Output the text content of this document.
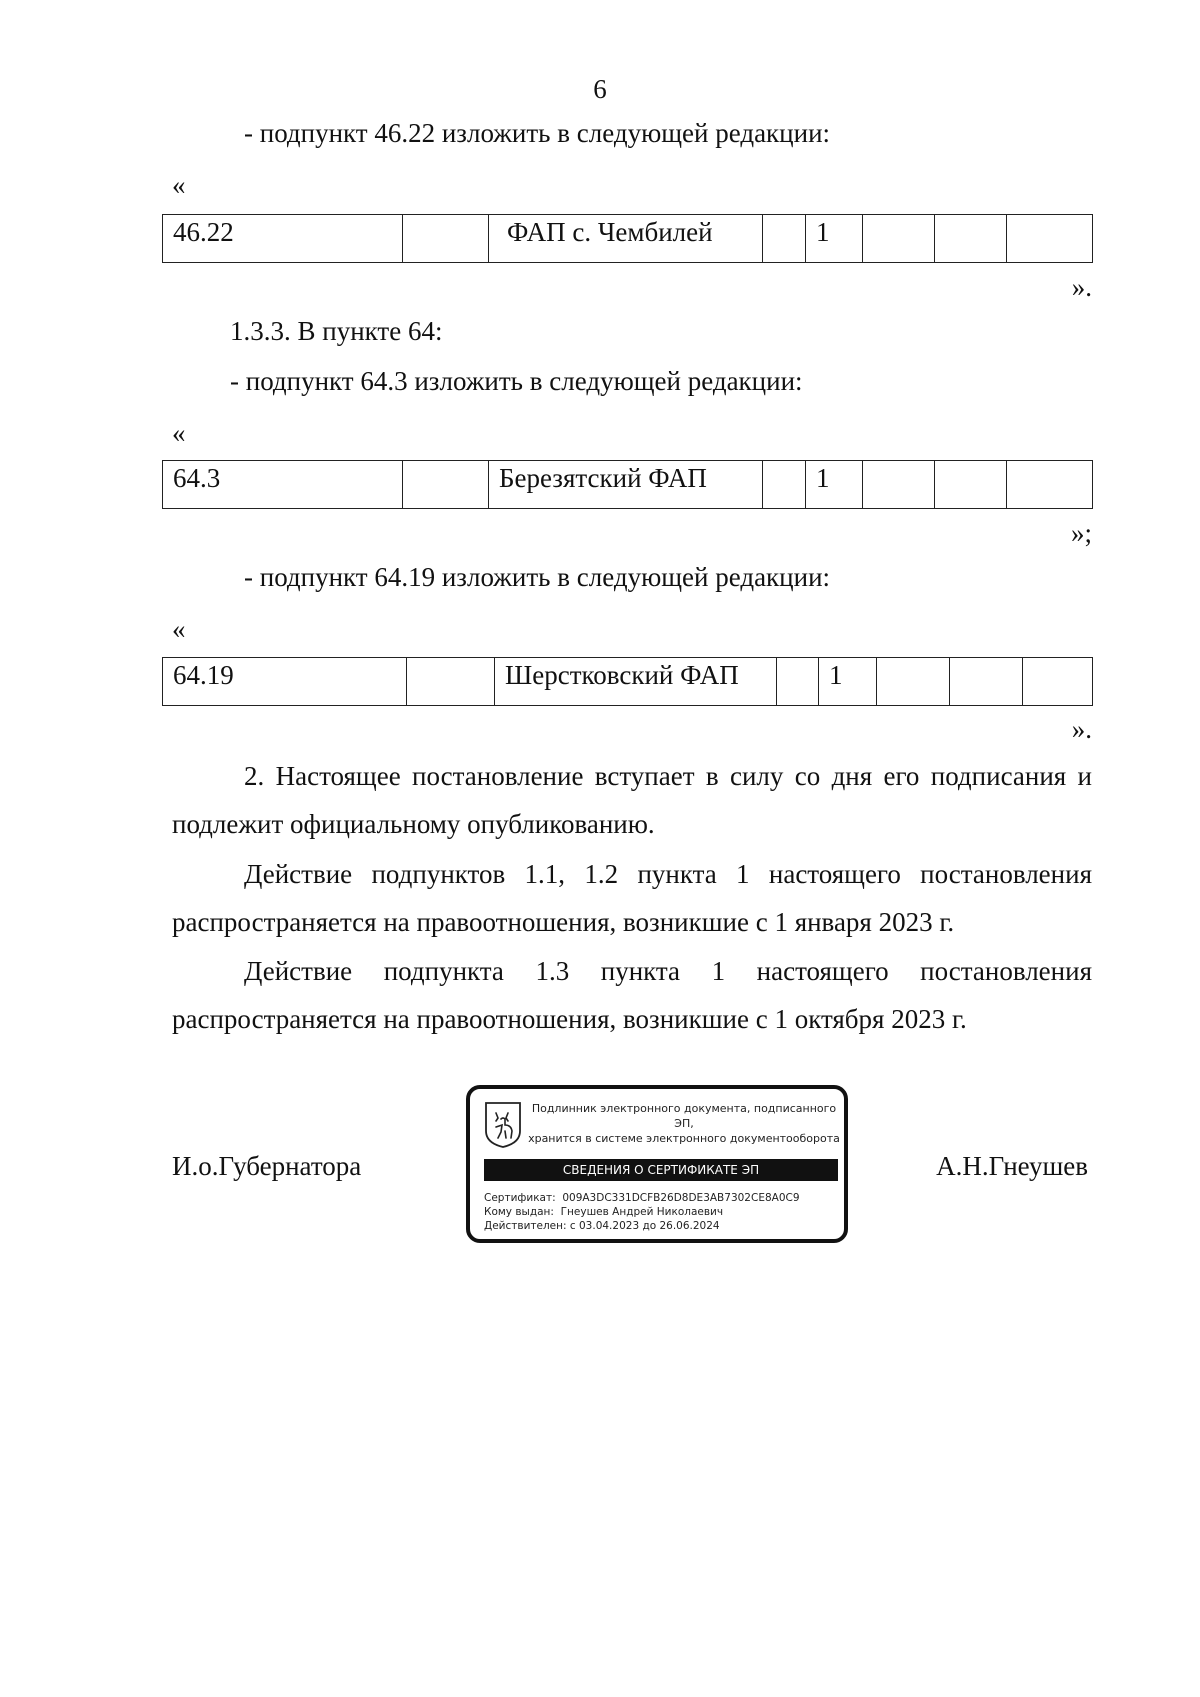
6
- подпункт 46.22 изложить в следующей редакции:
«
46.22		ФАП с. Чембилей		1			
».
1.3.3. В пункте 64:
- подпункт 64.3 изложить в следующей редакции:
«
64.3		Березятский ФАП		1			
»;
- подпункт 64.19 изложить в следующей редакции:
«
64.19		Шерстковский ФАП		1			
».
2. Настоящее постановление вступает в силу со дня его подписания и подлежит официальному опубликованию.
Действие подпунктов 1.1, 1.2 пункта 1 настоящего постановления распространяется на правоотношения, возникшие с 1 января 2023 г.
Действие подпункта 1.3 пункта 1 настоящего постановления распространяется на правоотношения, возникшие с 1 октября 2023 г.
И.о.Губернатора	А.Н.Гнеушев
Подлинник электронного документа, подписанного ЭП,
хранится в системе электронного документооборота
СВЕДЕНИЯ О СЕРТИФИКАТЕ ЭП
Сертификат: 009A3DC331DCFB26D8DE3AB7302CE8A0C9
Кому выдан: Гнеушев Андрей Николаевич
Действителен: с 03.04.2023 до 26.06.2024
